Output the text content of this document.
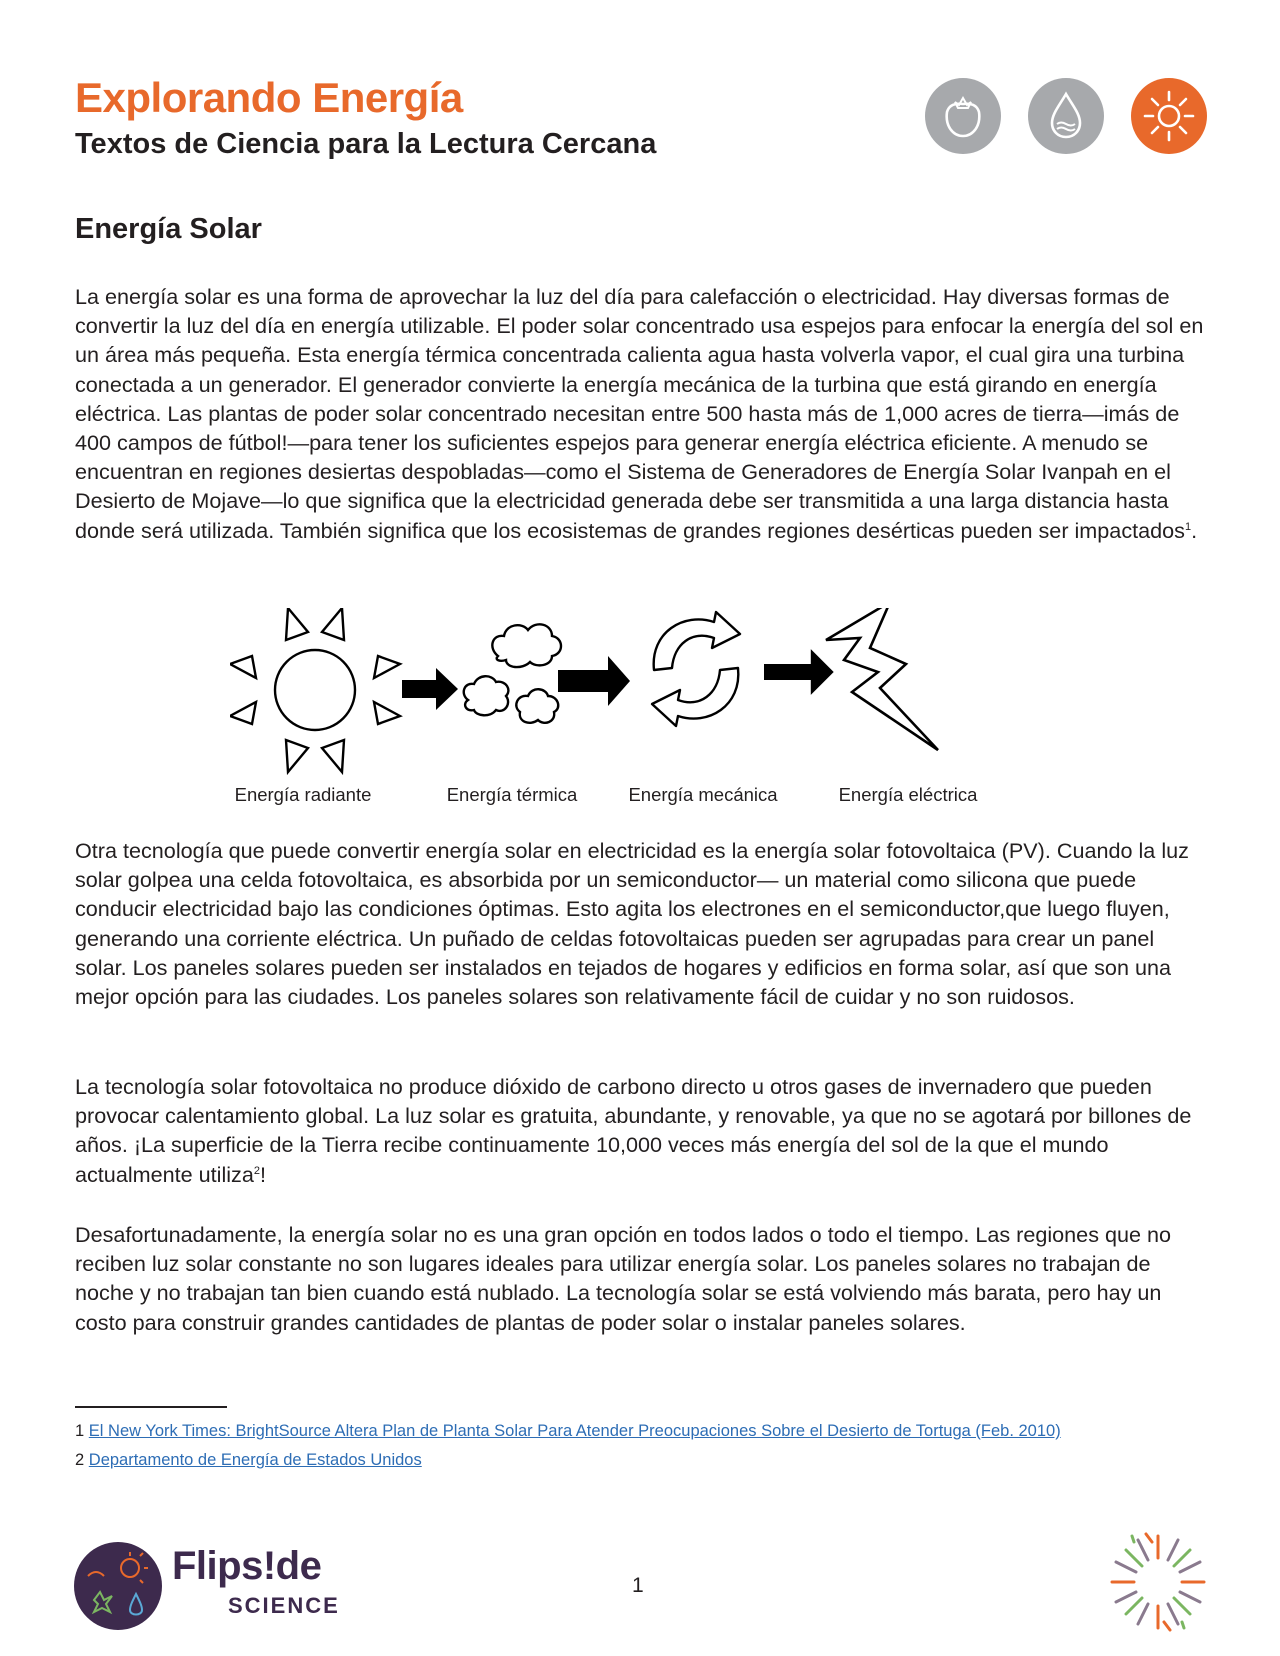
Explorando Energía
Textos de Ciencia para la Lectura Cercana
Energía Solar

La energía solar es una forma de aprovechar la luz del día para calefacción o electricidad. Hay diversas formas de convertir la luz del día en energía utilizable. El poder solar concentrado usa espejos para enfocar la energía del sol en un área más pequeña. Esta energía térmica concentrada calienta agua hasta volverla vapor, el cual gira una turbina conectada a un generador. El generador convierte la energía mecánica de la turbina que está girando en energía eléctrica. Las plantas de poder solar concentrado necesitan entre 500 hasta más de 1,000 acres de tierra—imás de 400 campos de fútbol!—para tener los suficientes espejos para generar energía eléctrica eficiente. A menudo se encuentran en regiones desiertas despobladas—como el Sistema de Generadores de Energía Solar Ivanpah en el Desierto de Mojave—lo que significa que la electricidad generada debe ser transmitida a una larga distancia hasta donde será utilizada. También significa que los ecosistemas de grandes regiones desérticas pueden ser impactados$^1$.

Energía radiante	Energía térmica	Energía mecánica	Energía eléctrica

Otra tecnología que puede convertir energía solar en electricidad es la energía solar fotovoltaica (PV). Cuando la luz solar golpea una celda fotovoltaica, es absorbida por un semiconductor— un material como silicona que puede conducir electricidad bajo las condiciones óptimas. Esto agita los electrones en el semiconductor,que luego fluyen, generando una corriente eléctrica. Un puñado de celdas fotovoltaicas pueden ser agrupadas para crear un panel solar. Los paneles solares pueden ser instalados en tejados de hogares y edificios en forma solar, así que son una mejor opción para las ciudades. Los paneles solares son relativamente fácil de cuidar y no son ruidosos.

La tecnología solar fotovoltaica no produce dióxido de carbono directo u otros gases de invernadero que pueden provocar calentamiento global. La luz solar es gratuita, abundante, y renovable, ya que no se agotará por billones de años. ¡La superficie de la Tierra recibe continuamente 10,000 veces más energía del sol de la que el mundo actualmente utiliza$^2$!

Desafortunadamente, la energía solar no es una gran opción en todos lados o todo el tiempo. Las regiones que no reciben luz solar constante no son lugares ideales para utilizar energía solar. Los paneles solares no trabajan de noche y no trabajan tan bien cuando está nublado. La tecnología solar se está volviendo más barata, pero hay un costo para construir grandes cantidades de plantas de poder solar o instalar paneles solares.

1 El New York Times: BrightSource Altera Plan de Planta Solar Para Atender Preocupaciones Sobre el Desierto de Tortuga (Feb. 2010)
2 Departamento de Energía de Estados Unidos
Flips!de
SCIENCE
1
